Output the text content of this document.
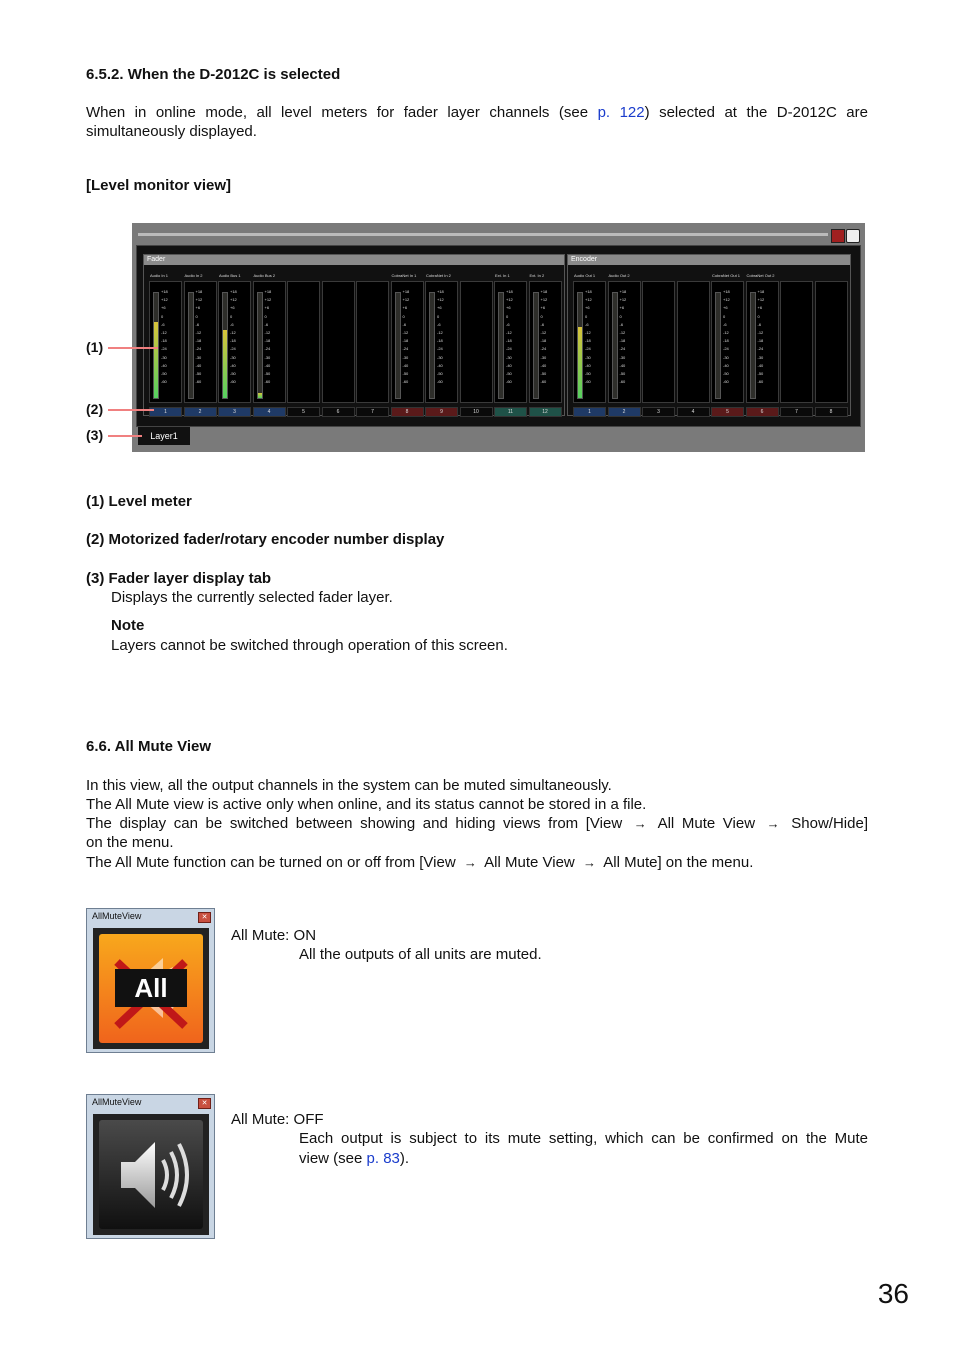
6.5.2. When the D-2012C is selected
When in online mode, all level meters for fader layer channels (see p. 122) selected at the D-2012C are
simultaneously displayed.
[Level monitor view]
Fader
Audio In 1
+18
+12
+6
0
-6
-12
-18
-24
-30
-40
-50
-60
1
Audio In 2
+18
+12
+6
0
-6
-12
-18
-24
-30
-40
-50
-60
2
Audio Bus 1
+18
+12
+6
0
-6
-12
-18
-24
-30
-40
-50
-60
3
Audio Bus 2
+18
+12
+6
0
-6
-12
-18
-24
-30
-40
-50
-60
4	5	6	7
CobraNet In 1
+18
+12
+6
0
-6
-12
-18
-24
-30
-40
-50
-60
8
CobraNet In 2
+18
+12
+6
0
-6
-12
-18
-24
-30
-40
-50
-60
9	10
Ext. In 1
+18
+12
+6
0
-6
-12
-18
-24
-30
-40
-50
-60
11
Ext. In 2
+18
+12
+6
0
-6
-12
-18
-24
-30
-40
-50
-60
12
Encoder
Audio Out 1
+18
+12
+6
0
-6
-12
-18
-24
-30
-40
-50
-60
1
Audio Out 2
+18
+12
+6
0
-6
-12
-18
-24
-30
-40
-50
-60
2	3	4
CobraNet Out 1
+18
+12
+6
0
-6
-12
-18
-24
-30
-40
-50
-60
5
CobraNet Out 2
+18
+12
+6
0
-6
-12
-18
-24
-30
-40
-50
-60
6	7	8
Layer1
(1)
(2)
(3)
(1) Level meter
(2) Motorized fader/rotary encoder number display
(3) Fader layer display tab
Displays the currently selected fader layer.
Note
Layers cannot be switched through operation of this screen.
6.6. All Mute View
In this view, all the output channels in the system can be muted simultaneously.
The All Mute view is active only when online, and its status cannot be stored in a file.
The display can be switched between showing and hiding views from [View → All Mute View → Show/Hide]
on the menu.
The All Mute function can be turned on or off from [View → All Mute View → All Mute] on the menu.
AllMuteView	✕
All
All Mute: ON
All the outputs of all units are muted.
AllMuteView	✕
All Mute: OFF
Each output is subject to its mute setting, which can be confirmed on the Mute
view (see p. 83).
36
